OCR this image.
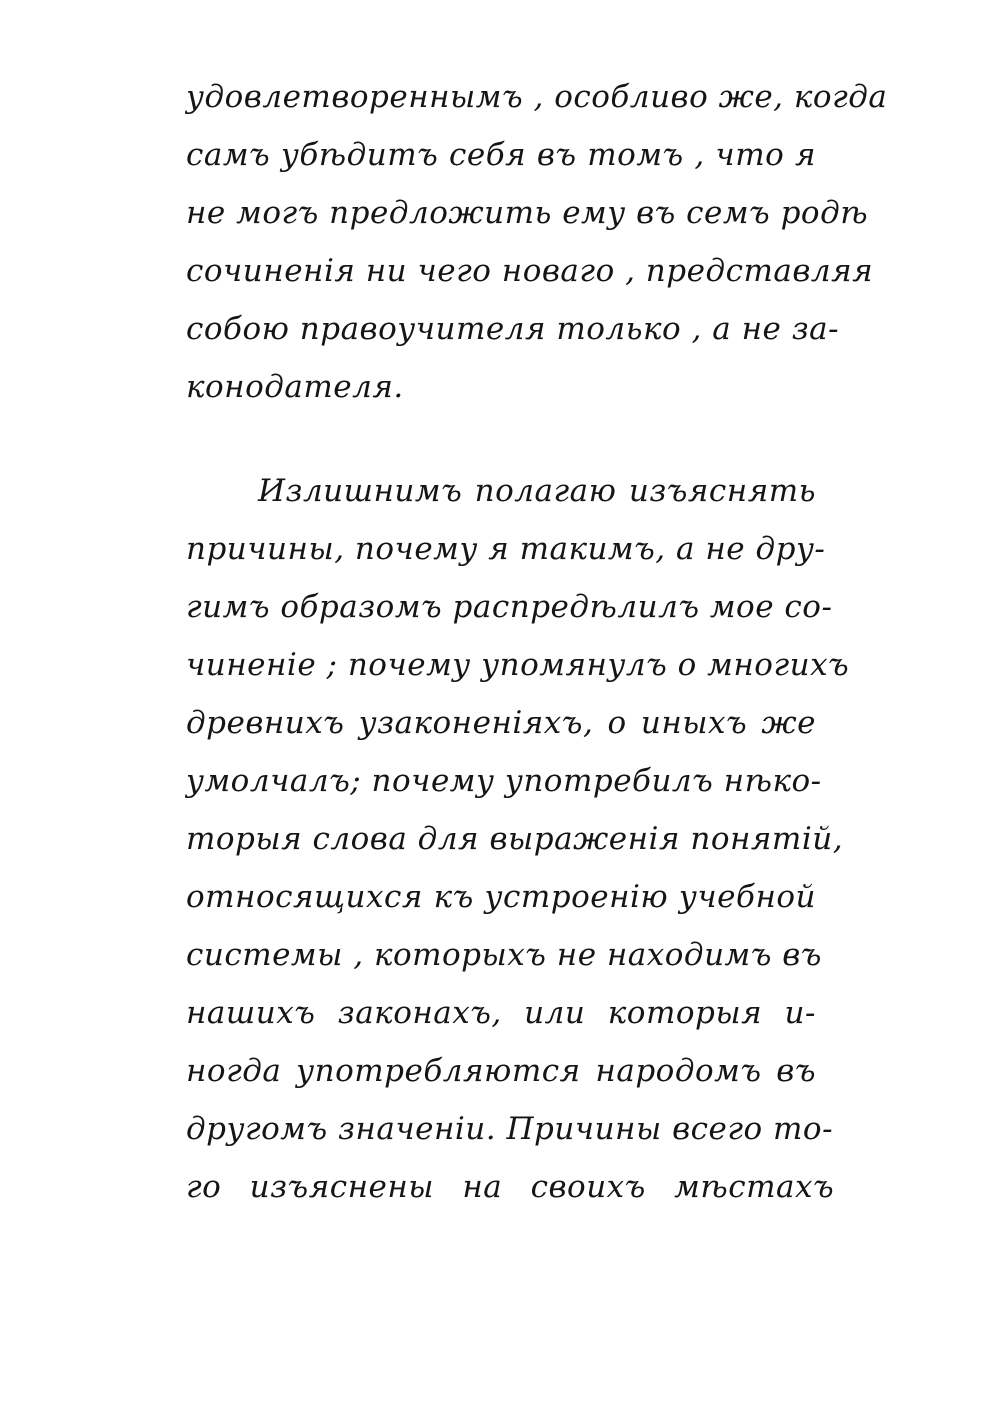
удовлетвореннымъ , особливо же, когда
самъ убѣдитъ себя въ томъ , что я
не могъ предложить ему въ семъ родѣ
сочиненія ни чего новаго , представляя
собою правоучителя только , а не за-
конодателя.
Излишнимъ полагаю изъяснять
причины, почему я такимъ, а не дру-
гимъ образомъ распредѣлилъ мое со-
чиненіе ; почему упомянулъ о многихъ
древнихъ узаконеніяхъ, о иныхъ же
умолчалъ; почему употребилъ нѣко-
торыя слова для выраженія понятій,
относящихся къ устроенію учебной
системы , которыхъ не находимъ въ
нашихъ законахъ, или которыя и-
ногда употребляются народомъ въ
другомъ значеніи. Причины всего то-
го изъяснены на своихъ мѣстахъ
